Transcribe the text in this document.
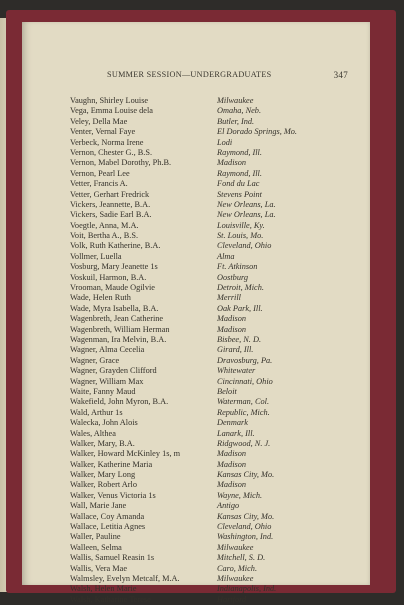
SUMMER SESSION—UNDERGRADUATES	347
Vaughn, Shirley Louise	Milwaukee
Vega, Emma Louise dela	Omaha, Neb.
Veley, Della Mae	Butler, Ind.
Venter, Vernal Faye	El Dorado Springs, Mo.
Verbeck, Norma Irene	Lodi
Vernon, Chester G., B.S.	Raymond, Ill.
Vernon, Mabel Dorothy, Ph.B.	Madison
Vernon, Pearl Lee	Raymond, Ill.
Vetter, Francis A.	Fond du Lac
Vetter, Gerhart Fredrick	Stevens Point
Vickers, Jeannette, B.A.	New Orleans, La.
Vickers, Sadie Earl B.A.	New Orleans, La.
Voegtle, Anna, M.A.	Louisville, Ky.
Voit, Bertha A., B.S.	St. Louis, Mo.
Volk, Ruth Katherine, B.A.	Cleveland, Ohio
Vollmer, Luella	Alma
Vosburg, Mary Jeanette 1s	Ft. Atkinson
Voskuil, Harmon, B.A.	Oostburg
Vrooman, Maude Ogilvie	Detroit, Mich.
Wade, Helen Ruth	Merrill
Wade, Myra Isabella, B.A.	Oak Park, Ill.
Wagenbreth, Jean Catherine	Madison
Wagenbreth, William Herman	Madison
Wagenman, Ira Melvin, B.A.	Bisbee, N. D.
Wagner, Alma Cecelia	Girard, Ill.
Wagner, Grace	Dravosburg, Pa.
Wagner, Grayden Clifford	Whitewater
Wagner, William Max	Cincinnati, Ohio
Waite, Fanny Maud	Beloit
Wakefield, John Myron, B.A.	Waterman, Col.
Wald, Arthur 1s	Republic, Mich.
Walecka, John Alois	Denmark
Wales, Althea	Lanark, Ill.
Walker, Mary, B.A.	Ridgwood, N. J.
Walker, Howard McKinley 1s, m	Madison
Walker, Katherine Maria	Madison
Walker, Mary Long	Kansas City, Mo.
Walker, Robert Arlo	Madison
Walker, Venus Victoria 1s	Wayne, Mich.
Wall, Marie Jane	Antigo
Wallace, Coy Amanda	Kansas City, Mo.
Wallace, Letitia Agnes	Cleveland, Ohio
Waller, Pauline	Washington, Ind.
Walleen, Selma	Milwaukee
Wallis, Samuel Reasin 1s	Mitchell, S. D.
Wallis, Vera Mae	Caro, Mich.
Walmsley, Evelyn Metcalf, M.A.	Milwaukee
Walsh, Helen Marie	Indianapolis, Ind.
Walsh, Katharine Terese	Hartford
